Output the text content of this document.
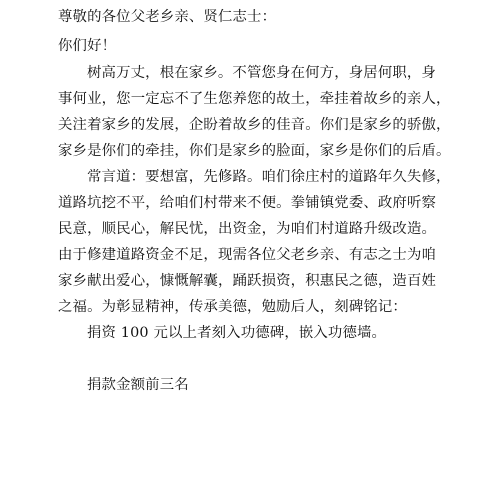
尊敬的各位父老乡亲、贤仁志士：
你们好！
树高万丈，根在家乡。不管您身在何方，身居何职，身
事何业，您一定忘不了生您养您的故土，牵挂着故乡的亲人，
关注着家乡的发展，企盼着故乡的佳音。你们是家乡的骄傲，
家乡是你们的牵挂，你们是家乡的脸面，家乡是你们的后盾。
常言道：要想富，先修路。咱们徐庄村的道路年久失修，
道路坑挖不平，给咱们村带来不便。拳铺镇党委、政府听察
民意，顺民心，解民忧，出资金，为咱们村道路升级改造。
由于修建道路资金不足，现需各位父老乡亲、有志之士为咱
家乡献出爱心，慷慨解囊，踊跃损资，积惠民之德，造百姓
之福。为彰显精神，传承美德，勉励后人，刻碑铭记：
捐资 100 元以上者刻入功德碑，嵌入功德墙。
捐款金额前三名
